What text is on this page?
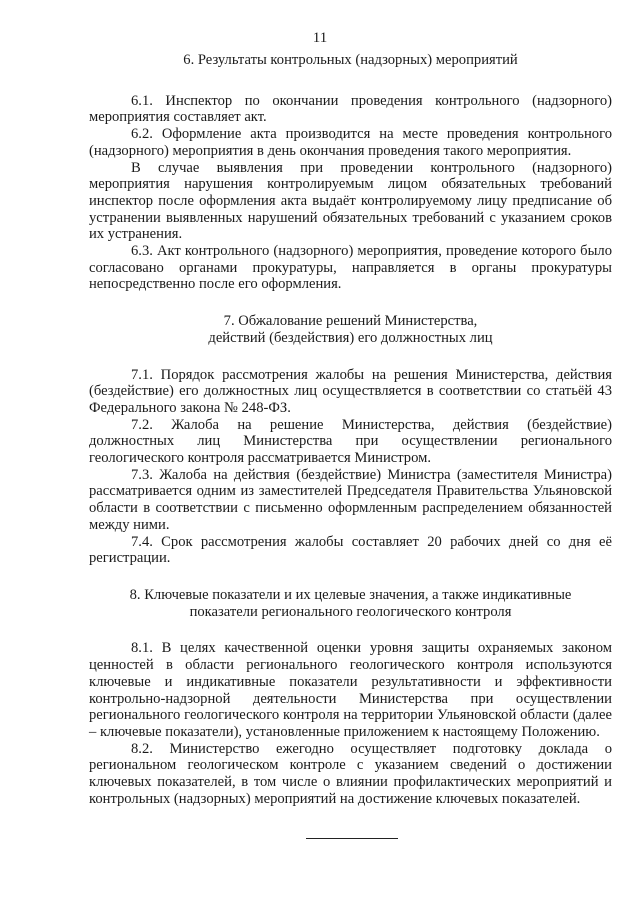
11

6. Результаты контрольных (надзорных) мероприятий

6.1. Инспектор по окончании проведения контрольного (надзорного) мероприятия составляет акт.

6.2. Оформление акта производится на месте проведения контрольного (надзорного) мероприятия в день окончания проведения такого мероприятия.

В случае выявления при проведении контрольного (надзорного) мероприятия нарушения контролируемым лицом обязательных требований инспектор после оформления акта выдаёт контролируемому лицу предписание об устранении выявленных нарушений обязательных требований с указанием сроков их устранения.

6.3. Акт контрольного (надзорного) мероприятия, проведение которого было согласовано органами прокуратуры, направляется в органы прокуратуры непосредственно после его оформления.

7. Обжалование решений Министерства,

действий (бездействия) его должностных лиц

7.1. Порядок рассмотрения жалобы на решения Министерства, действия (бездействие) его должностных лиц осуществляется в соответствии со статьёй 43 Федерального закона № 248-ФЗ.

7.2. Жалоба на решение Министерства, действия (бездействие) должностных лиц Министерства при осуществлении регионального геологического контроля рассматривается Министром.

7.3. Жалоба на действия (бездействие) Министра (заместителя Министра) рассматривается одним из заместителей Председателя Правительства Ульяновской области в соответствии с письменно оформленным распределением обязанностей между ними.

7.4. Срок рассмотрения жалобы составляет 20 рабочих дней со дня её регистрации.

8. Ключевые показатели и их целевые значения, а также индикативные

показатели регионального геологического контроля

8.1. В целях качественной оценки уровня защиты охраняемых законом ценностей в области регионального геологического контроля используются ключевые и индикативные показатели результативности и эффективности контрольно-надзорной деятельности Министерства при осуществлении регионального геологического контроля на территории Ульяновской области (далее – ключевые показатели), установленные приложением к настоящему Положению.

8.2. Министерство ежегодно осуществляет подготовку доклада о региональном геологическом контроле с указанием сведений о достижении ключевых показателей, в том числе о влиянии профилактических мероприятий и контрольных (надзорных) мероприятий на достижение ключевых показателей.
